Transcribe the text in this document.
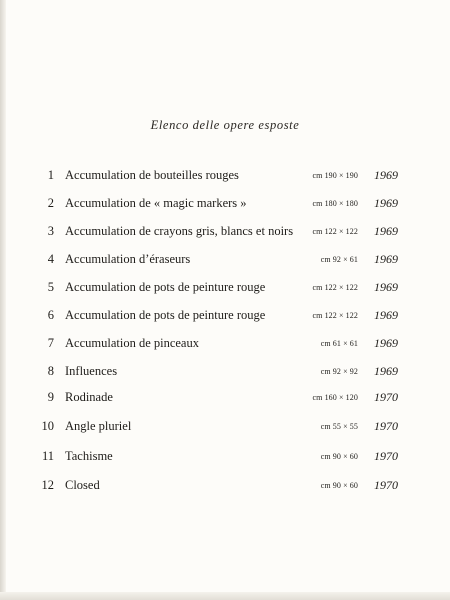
Elenco delle opere esposte
1 Accumulation de bouteilles rouges	cm 190 × 190 1969
2 Accumulation de « magic markers »	cm 180 × 180 1969
3 Accumulation de crayons gris, blancs et noirs cm 122 × 122 1969
4 Accumulation d’éraseurs	cm 92 × 61 1969
5 Accumulation de pots de peinture rouge	cm 122 × 122 1969
6 Accumulation de pots de peinture rouge	cm 122 × 122 1969
7 Accumulation de pinceaux	cm 61 × 61 1969
8 Influences	cm 92 × 92 1969
9 Rodinade	cm 160 × 120 1970
10 Angle pluriel	cm 55 × 55 1970
11 Tachisme	cm 90 × 60 1970
12 Closed	cm 90 × 60 1970
